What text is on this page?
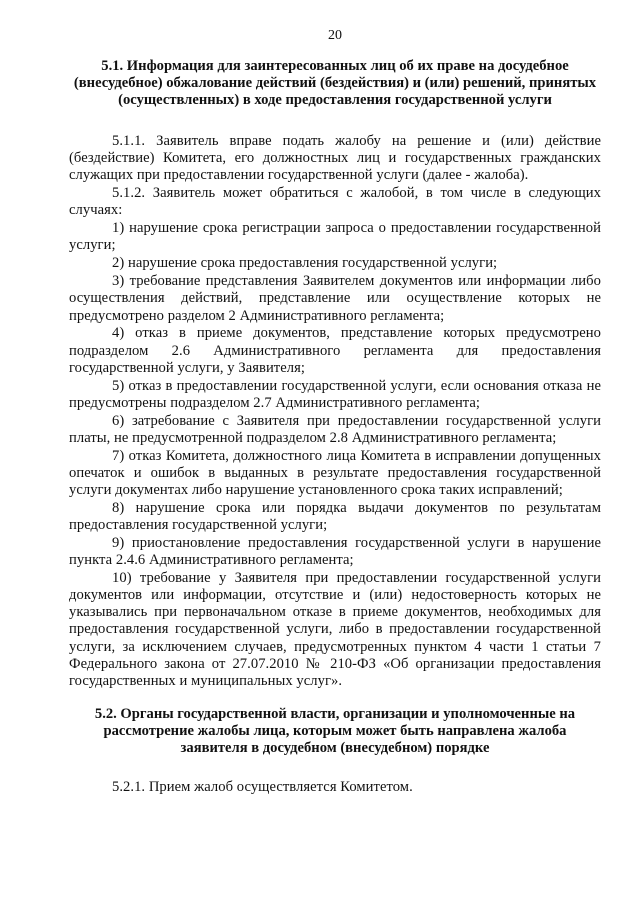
20
5.1. Информация для заинтересованных лиц об их праве на досудебное (внесудебное) обжалование действий (бездействия) и (или) решений, принятых (осуществленных) в ходе предоставления государственной услуги

5.1.1. Заявитель вправе подать жалобу на решение и (или) действие (бездействие) Комитета, его должностных лиц и государственных гражданских служащих при предоставлении государственной услуги (далее - жалоба).

5.1.2. Заявитель может обратиться с жалобой, в том числе в следующих случаях:

1) нарушение срока регистрации запроса о предоставлении государственной услуги;

2) нарушение срока предоставления государственной услуги;

3) требование представления Заявителем документов или информации либо осуществления действий, представление или осуществление которых не предусмотрено разделом 2 Административного регламента;

4) отказ в приеме документов, представление которых предусмотрено подразделом 2.6 Административного регламента для предоставления государственной услуги, у Заявителя;

5) отказ в предоставлении государственной услуги, если основания отказа не предусмотрены подразделом 2.7 Административного регламента;

6) затребование с Заявителя при предоставлении государственной услуги платы, не предусмотренной подразделом 2.8 Административного регламента;

7) отказ Комитета, должностного лица Комитета в исправлении допущенных опечаток и ошибок в выданных в результате предоставления государственной услуги документах либо нарушение установленного срока таких исправлений;

8) нарушение срока или порядка выдачи документов по результатам предоставления государственной услуги;

9) приостановление предоставления государственной услуги в нарушение пункта 2.4.6 Административного регламента;

10) требование у Заявителя при предоставлении государственной услуги документов или информации, отсутствие и (или) недостоверность которых не указывались при первоначальном отказе в приеме документов, необходимых для предоставления государственной услуги, либо в предоставлении государственной услуги, за исключением случаев, предусмотренных пунктом 4 части 1 статьи 7 Федерального закона от 27.07.2010 № 210-ФЗ «Об организации предоставления государственных и муниципальных услуг».

5.2. Органы государственной власти, организации и уполномоченные на рассмотрение жалобы лица, которым может быть направлена жалоба заявителя в досудебном (внесудебном) порядке

5.2.1. Прием жалоб осуществляется Комитетом.
